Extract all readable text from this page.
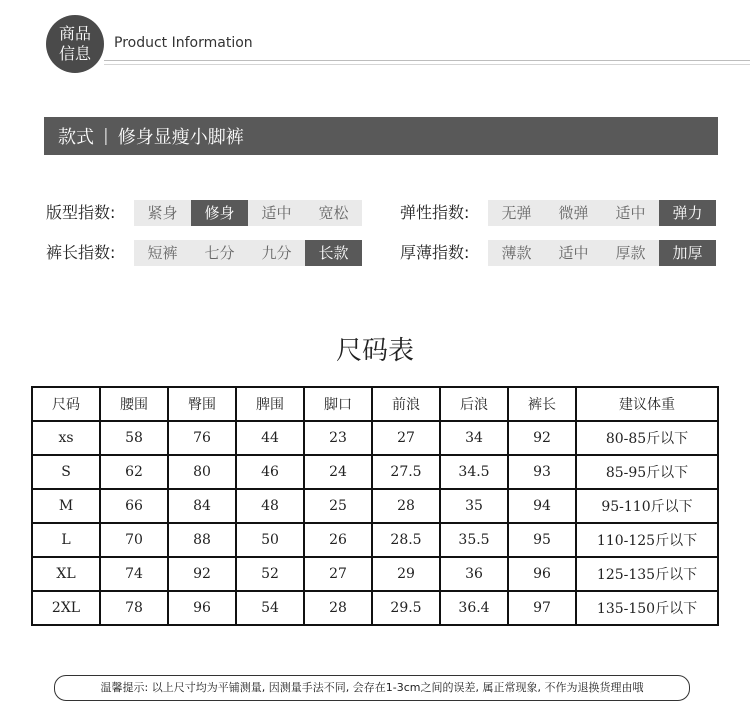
商品
信息
Product Information
款式 | 修身显瘦小脚裤
版型指数:	紧身	修身	适中	宽松
裤长指数:	短裤	七分	九分	长款
弹性指数:	无弹	微弹	适中	弹力
厚薄指数:	薄款	适中	厚款	加厚
尺码表
尺码	腰围	臀围	脾围	脚口	前浪	后浪	裤长	建议体重
xs	58	76	44	23	27	34	92	80-85斤以下
S	62	80	46	24	27.5	34.5	93	85-95斤以下
M	66	84	48	25	28	35	94	95-110斤以下
L	70	88	50	26	28.5	35.5	95	110-125斤以下
XL	74	92	52	27	29	36	96	125-135斤以下
2XL	78	96	54	28	29.5	36.4	97	135-150斤以下
温馨提示: 以上尺寸均为平铺测量, 因测量手法不同, 会存在1-3cm之间的误差, 属正常现象, 不作为退换货理由哦
